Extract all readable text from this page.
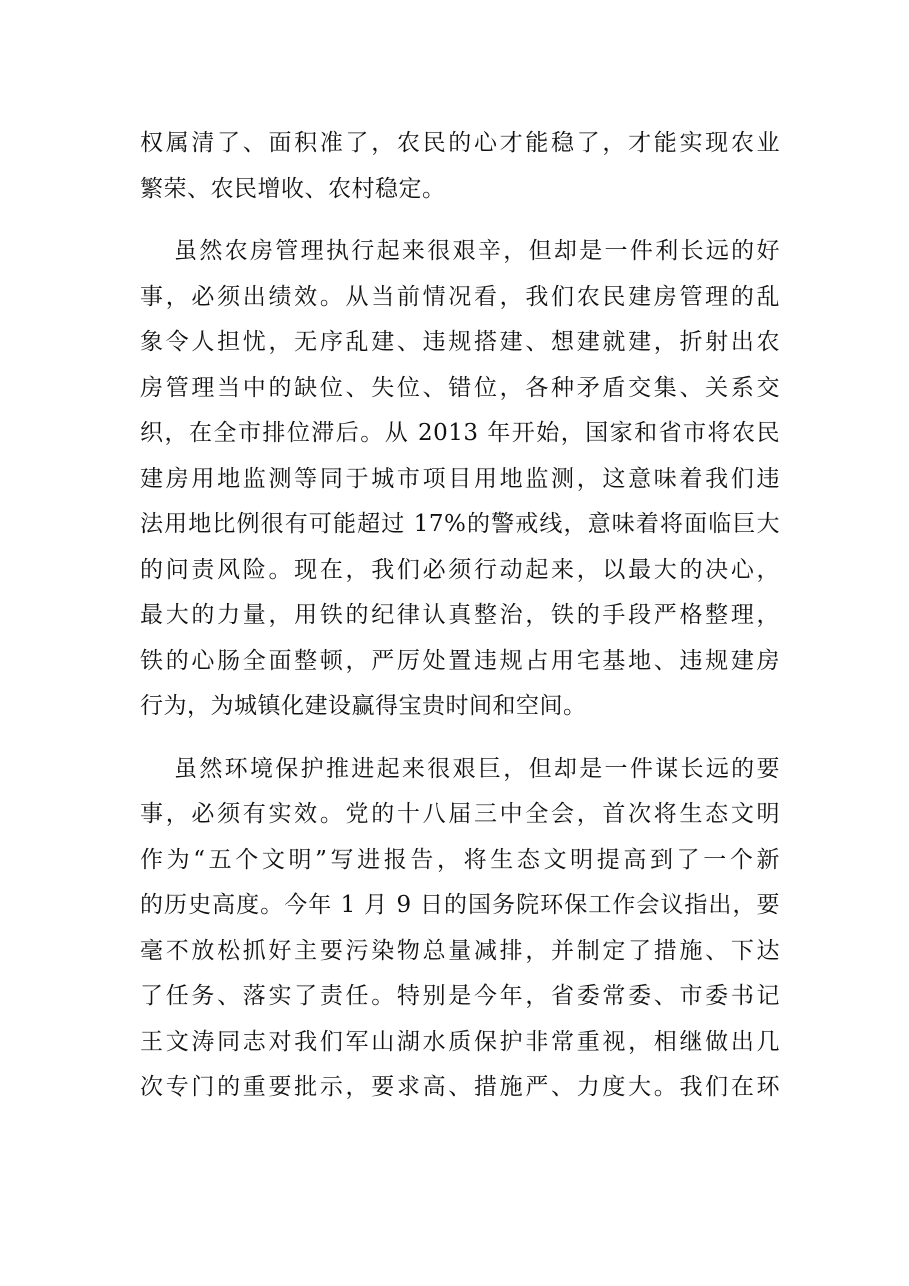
权属清了、面积准了，农民的心才能稳了，才能实现农业
繁荣、农民增收、农村稳定。

虽然农房管理执行起来很艰辛，但却是一件利长远的好
事，必须出绩效。从当前情况看，我们农民建房管理的乱
象令人担忧，无序乱建、违规搭建、想建就建，折射出农
房管理当中的缺位、失位、错位，各种矛盾交集、关系交
织，在全市排位滞后。从 2013 年开始，国家和省市将农民
建房用地监测等同于城市项目用地监测，这意味着我们违
法用地比例很有可能超过 17%的警戒线，意味着将面临巨大
的问责风险。现在，我们必须行动起来，以最大的决心，
最大的力量，用铁的纪律认真整治，铁的手段严格整理，
铁的心肠全面整顿，严厉处置违规占用宅基地、违规建房
行为，为城镇化建设赢得宝贵时间和空间。

虽然环境保护推进起来很艰巨，但却是一件谋长远的要
事，必须有实效。党的十八届三中全会，首次将生态文明
作为“五个文明”写进报告，将生态文明提高到了一个新
的历史高度。今年 1 月 9 日的国务院环保工作会议指出，要
毫不放松抓好主要污染物总量减排，并制定了措施、下达
了任务、落实了责任。特别是今年，省委常委、市委书记
王文涛同志对我们军山湖水质保护非常重视，相继做出几
次专门的重要批示，要求高、措施严、力度大。我们在环
